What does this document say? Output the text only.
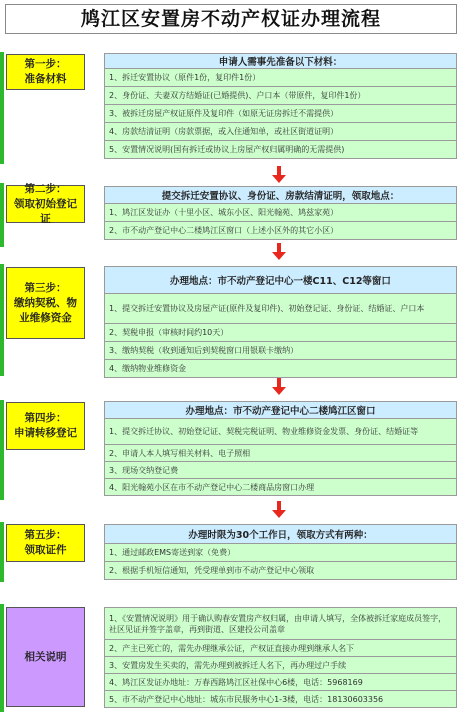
鸠江区安置房不动产权证办理流程
第一步：
准备材料
申请人需事先准备以下材料：
1、拆迁安置协议（原件1份，复印件1份）
2、身份证、夫妻双方结婚证(已婚提供)、户口本（带原件，复印件1份）
3、被拆迁房屋产权证原件及复印件（如原无证房拆迁不需提供）
4、房款结清证明（房款票据，或入住通知单，或社区街道证明）
5、安置情况说明(国有拆迁或协议上房屋产权归属明确的无需提供)
第二步：
领取初始登记
证
提交拆迁安置协议、身份证、房款结清证明，领取地点：
1、鸠江区发证办（十里小区、城东小区、阳光翰苑、鸠兹家苑）
2、市不动产登记中心二楼鸠江区窗口（上述小区外的其它小区）
第三步：
缴纳契税、物
业维修资金
办理地点：市不动产登记中心一楼C11、C12等窗口
1、提交拆迁安置协议及房屋产证(原件及复印件)、初始登记证、身份证、结婚证、户口本
2、契税申报（审核时间约10天）
3、缴纳契税（收到通知后到契税窗口用银联卡缴纳）
4、缴纳物业维修资金
第四步：
申请转移登记
办理地点：市不动产登记中心二楼鸠江区窗口
1、提交拆迁协议、初始登记证、契税完税证明、物业维修资金发票、身份证、结婚证等
2、申请人本人填写相关材料、电子照相
3、现场交纳登记费
4、阳光翰苑小区在市不动产登记中心二楼商品房窗口办理
第五步：
领取证件
办理时限为30个工作日，领取方式有两种：
1、通过邮政EMS寄送到家（免费）
2、根据手机短信通知，凭受理单到市不动产登记中心领取
相关说明
1、《安置情况说明》用于确认购春安置房产权归属，由申请人填写，全体被拆迁家庭成员签字，社区见证并签字盖章，再到街道、区建投公司盖章
2、产主已死亡的，需先办理继承公证，产权证直接办理到继承人名下
3、安置房发生买卖的，需先办理到被拆迁人名下，再办理过户手续
4、鸠江区发证办地址：万春西路鸠江区社保中心6楼，电话：5968169
5、市不动产登记中心地址：城东市民服务中心1-3楼，电话：18130603356
